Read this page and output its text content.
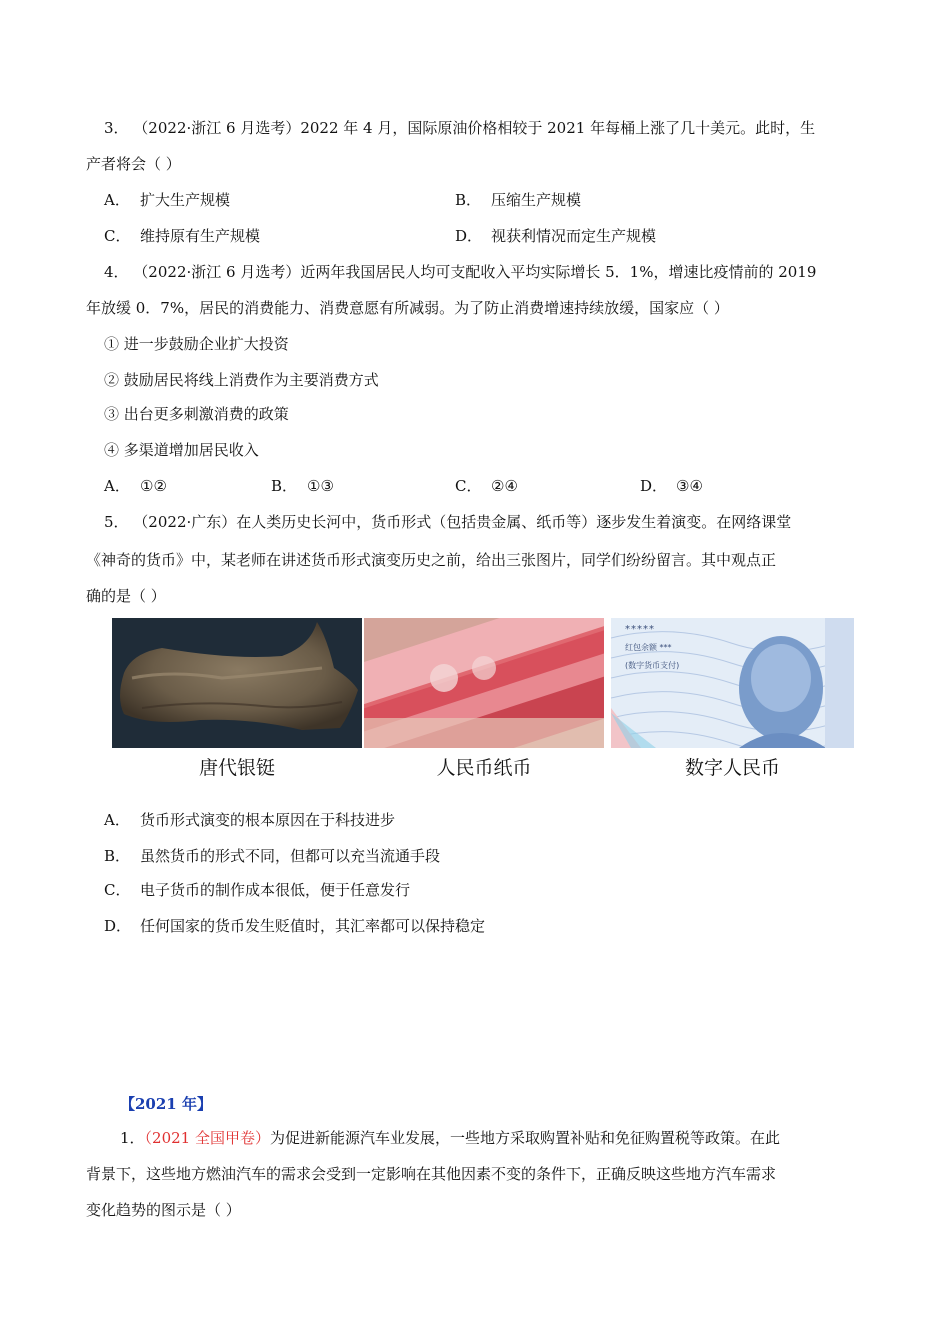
3． （2022·浙江 6 月选考）2022 年 4 月，国际原油价格相较于 2021 年每桶上涨了几十美元。此时，生
产者将会（ ）
A． 扩大生产规模	B． 压缩生产规模
C． 维持原有生产规模	D． 视获利情况而定生产规模
4． （2022·浙江 6 月选考）近两年我国居民人均可支配收入平均实际增长 5．1%，增速比疫情前的 2019
年放缓 0．7%，居民的消费能力、消费意愿有所减弱。为了防止消费增速持续放缓，国家应（ ）
① 进一步鼓励企业扩大投资
② 鼓励居民将线上消费作为主要消费方式
③ 出台更多刺激消费的政策
④ 多渠道增加居民收入
A． ①②	B． ①③	C． ②④	D． ③④
5． （2022·广东）在人类历史长河中，货币形式（包括贵金属、纸币等）逐步发生着演变。在网络课堂
《神奇的货币》中，某老师在讲述货币形式演变历史之前，给出三张图片，同学们纷纷留言。其中观点正
确的是（ ）
*****
红包余额 ***
(数字货币支付)
唐代银铤	人民币纸币	数字人民币
A． 货币形式演变的根本原因在于科技进步
B． 虽然货币的形式不同，但都可以充当流通手段
C． 电子货币的制作成本很低，便于任意发行
D． 任何国家的货币发生贬值时，其汇率都可以保持稳定
【2021 年】
1．（2021 全国甲卷）为促进新能源汽车业发展，一些地方采取购置补贴和免征购置税等政策。在此
背景下，这些地方燃油汽车的需求会受到一定影响在其他因素不变的条件下，正确反映这些地方汽车需求
变化趋势的图示是（ ）
